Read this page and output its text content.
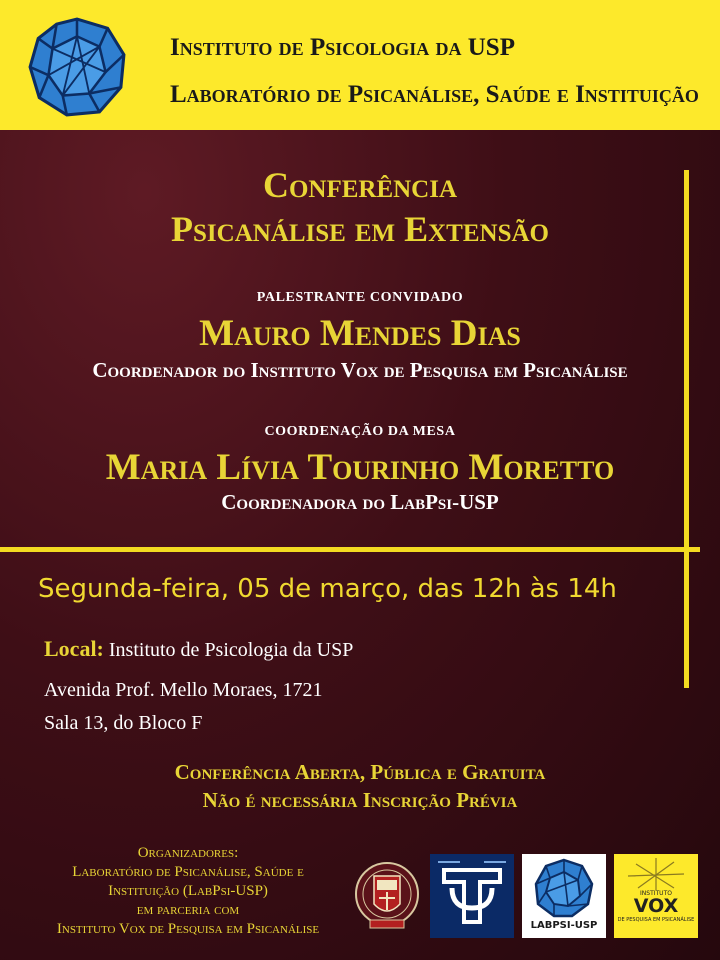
Instituto de Psicologia da USP
Laboratório de Psicanálise, Saúde e Instituição
Conferência
Psicanálise em Extensão
PALESTRANTE CONVIDADO
Mauro Mendes Dias
Coordenador do Instituto Vox de Pesquisa em Psicanálise
COORDENAÇÃO DA MESA
Maria Lívia Tourinho Moretto
Coordenadora do LabPsi-USP
Segunda-feira, 05 de março, das 12h às 14h
Local: Instituto de Psicologia da USP
Avenida Prof. Mello Moraes, 1721
Sala 13, do Bloco F
Conferência Aberta, Pública e Gratuita
Não é necessária Inscrição Prévia
Organizadores:
Laboratório de Psicanálise, Saúde e
Instituição (LabPsi-USP)
em parceria com
Instituto Vox de Pesquisa em Psicanálise	LABPSI-USP
INSTITUTO
VOX
DE PESQUISA EM PSICANÁLISE
